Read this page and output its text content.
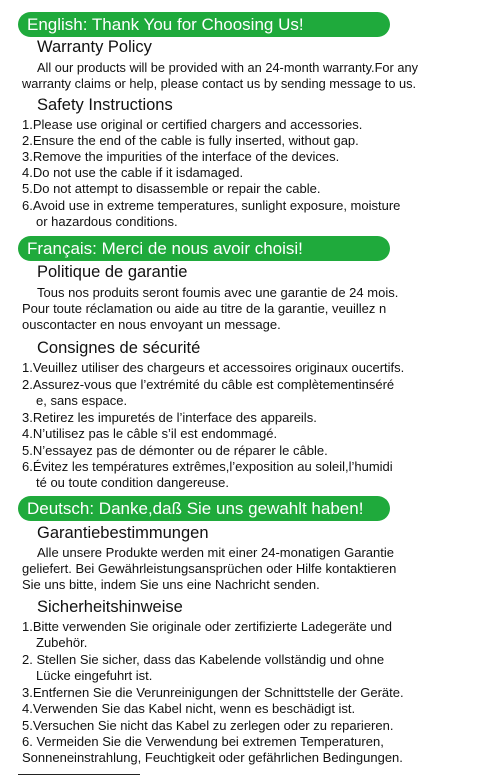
English: Thank You for Choosing Us!
Warranty Policy
All our products will be provided with an 24-month warranty.For any
warranty claims or help, please contact us by sending message to us.
Safety Instructions
1.Please use original or certified chargers and accessories.
2.Ensure the end of the cable is fully inserted, without gap.
3.Remove the impurities of the interface of the devices.
4.Do not use the cable if it isdamaged.
5.Do not attempt to disassemble or repair the cable.
6.Avoid use in extreme temperatures, sunlight exposure, moisture
or hazardous conditions.
Français: Merci de nous avoir choisi!
Politique de garantie
Tous nos produits seront foumis avec une garantie de 24 mois.
Pour toute réclamation ou aide au titre de la garantie, veuillez n
ouscontacter en nous envoyant un message.
Consignes de sécurité
1.Veuillez utiliser des chargeurs et accessoires originaux oucertifs.
2.Assurez-vous que l’extrémité du câble est complètementinséré
e, sans espace.
3.Retirez les impuretés de l’interface des appareils.
4.N’utilisez pas le câble s’il est endommagé.
5.N’essayez pas de démonter ou de réparer le câble.
6.Évitez les températures extrêmes,l’exposition au soleil,l’humidi
té ou toute condition dangereuse.
Deutsch: Danke,daß Sie uns gewahlt haben!
Garantiebestimmungen
Alle unsere Produkte werden mit einer 24-monatigen Garantie
geliefert. Bei Gewährleistungsansprüchen oder Hilfe kontaktieren
Sie uns bitte, indem Sie uns eine Nachricht senden.
Sicherheitshinweise
1.Bitte verwenden Sie originale oder zertifizierte Ladegeräte und
Zubehör.
2. Stellen Sie sicher, dass das Kabelende vollständig und ohne
Lücke eingefuhrt ist.
3.Entfernen Sie die Verunreinigungen der Schnittstelle der Geräte.
4.Verwenden Sie das Kabel nicht, wenn es beschädigt ist.
5.Versuchen Sie nicht das Kabel zu zerlegen oder zu reparieren.
6. Vermeiden Sie die Verwendung bei extremen Temperaturen,
Sonneneinstrahlung, Feuchtigkeit oder gefährlichen Bedingungen.
